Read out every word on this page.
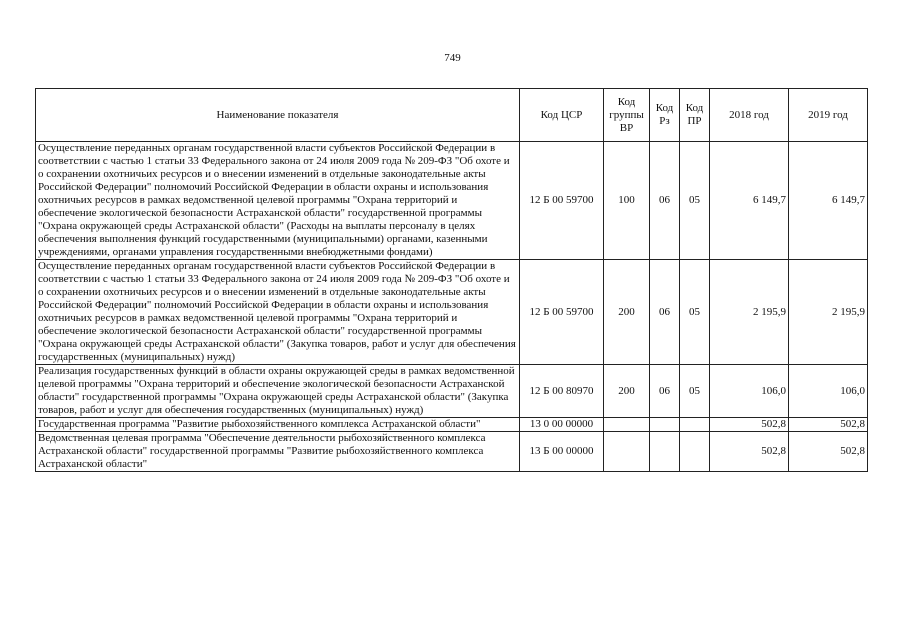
749
Наименование показателя	Код ЦСР	Код группы ВР	Код Рз	Код ПР	2018 год	2019 год
Осуществление переданных органам государственной власти субъектов Российской Федерации в соответствии с частью 1 статьи 33 Федерального закона от 24 июля 2009 года № 209-ФЗ "Об охоте и о сохранении охотничьих ресурсов и о внесении изменений в отдельные законодательные акты Российской Федерации" полномочий Российской Федерации в области охраны и использования охотничьих ресурсов в рамках ведомственной целевой программы "Охрана территорий и обеспечение экологической безопасности Астраханской области" государственной программы "Охрана окружающей среды Астраханской области" (Расходы на выплаты персоналу в целях обеспечения выполнения функций государственными (муниципальными) органами, казенными учреждениями, органами управления государственными внебюджетными фондами)	12 Б 00 59700	100	06	05	6 149,7	6 149,7
Осуществление переданных органам государственной власти субъектов Российской Федерации в соответствии с частью 1 статьи 33 Федерального закона от 24 июля 2009 года № 209-ФЗ "Об охоте и о сохранении охотничьих ресурсов и о внесении изменений в отдельные законодательные акты Российской Федерации" полномочий Российской Федерации в области охраны и использования охотничьих ресурсов в рамках ведомственной целевой программы "Охрана территорий и обеспечение экологической безопасности Астраханской области" государственной программы "Охрана окружающей среды Астраханской области" (Закупка товаров, работ и услуг для обеспечения государственных (муниципальных) нужд)	12 Б 00 59700	200	06	05	2 195,9	2 195,9
Реализация государственных функций в области охраны окружающей среды в рамках ведомственной целевой программы "Охрана территорий и обеспечение экологической безопасности Астраханской области" государственной программы "Охрана окружающей среды Астраханской области" (Закупка товаров, работ и услуг для обеспечения государственных (муниципальных) нужд)	12 Б 00 80970	200	06	05	106,0	106,0
Государственная программа "Развитие рыбохозяйственного комплекса Астраханской области"	13 0 00 00000				502,8	502,8
Ведомственная целевая программа "Обеспечение деятельности рыбохозяйственного комплекса Астраханской области" государственной программы "Развитие рыбохозяйственного комплекса Астраханской области"	13 Б 00 00000				502,8	502,8
